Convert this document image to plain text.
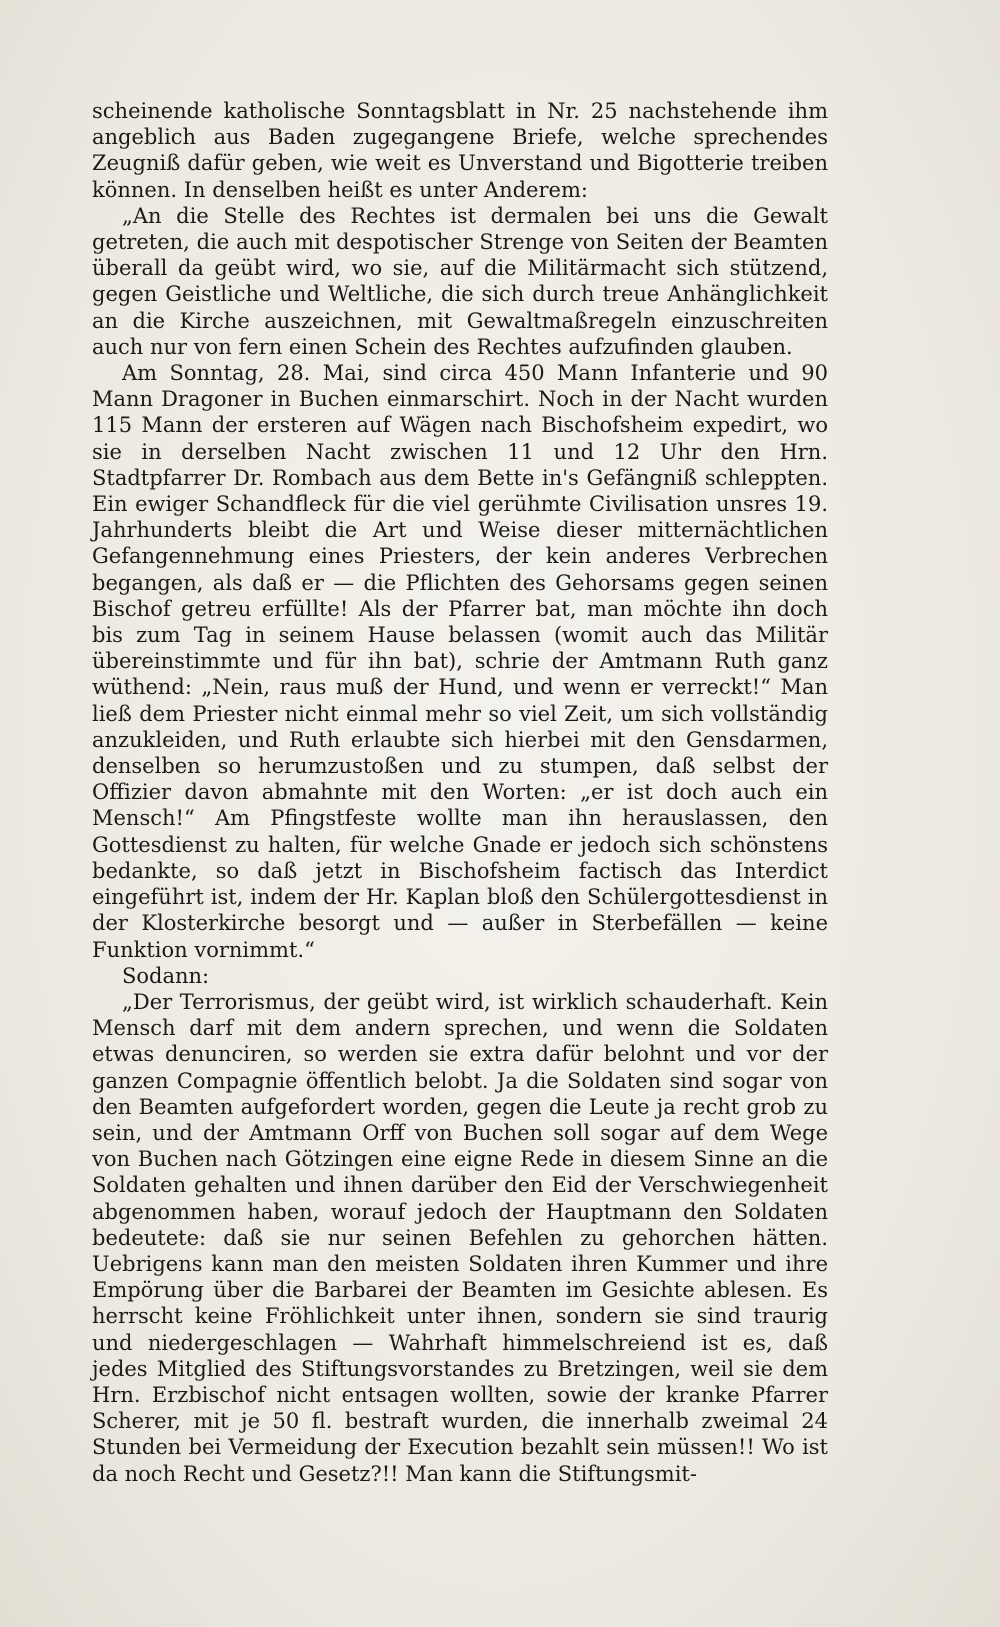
scheinende katholische Sonntagsblatt in Nr. 25 nachstehende ihm angeblich aus Baden zugegangene Briefe, welche sprechendes Zeugniß dafür geben, wie weit es Unverstand und Bigotterie treiben können. In denselben heißt es unter Anderem:

„An die Stelle des Rechtes ist dermalen bei uns die Gewalt getreten, die auch mit despotischer Strenge von Seiten der Beamten überall da geübt wird, wo sie, auf die Militärmacht sich stützend, gegen Geistliche und Weltliche, die sich durch treue Anhänglichkeit an die Kirche auszeichnen, mit Gewaltmaßregeln einzuschreiten auch nur von fern einen Schein des Rechtes aufzufinden glauben.

Am Sonntag, 28. Mai, sind circa 450 Mann Infanterie und 90 Mann Dragoner in Buchen einmarschirt. Noch in der Nacht wurden 115 Mann der ersteren auf Wägen nach Bischofsheim expedirt, wo sie in derselben Nacht zwischen 11 und 12 Uhr den Hrn. Stadtpfarrer Dr. Rombach aus dem Bette in's Gefängniß schleppten. Ein ewiger Schandfleck für die viel gerühmte Civilisation unsres 19. Jahrhunderts bleibt die Art und Weise dieser mitternächtlichen Gefangennehmung eines Priesters, der kein anderes Verbrechen begangen, als daß er — die Pflichten des Gehorsams gegen seinen Bischof getreu erfüllte! Als der Pfarrer bat, man möchte ihn doch bis zum Tag in seinem Hause belassen (womit auch das Militär übereinstimmte und für ihn bat), schrie der Amtmann Ruth ganz wüthend: „Nein, raus muß der Hund, und wenn er verreckt!“ Man ließ dem Priester nicht einmal mehr so viel Zeit, um sich vollständig anzukleiden, und Ruth erlaubte sich hierbei mit den Gensdarmen, denselben so herumzustoßen und zu stumpen, daß selbst der Offizier davon abmahnte mit den Worten: „er ist doch auch ein Mensch!“ Am Pfingstfeste wollte man ihn herauslassen, den Gottesdienst zu halten, für welche Gnade er jedoch sich schönstens bedankte, so daß jetzt in Bischofsheim factisch das Interdict eingeführt ist, indem der Hr. Kaplan bloß den Schülergottesdienst in der Klosterkirche besorgt und — außer in Sterbefällen — keine Funktion vornimmt.“

Sodann:

„Der Terrorismus, der geübt wird, ist wirklich schauderhaft. Kein Mensch darf mit dem andern sprechen, und wenn die Soldaten etwas denunciren, so werden sie extra dafür belohnt und vor der ganzen Compagnie öffentlich belobt. Ja die Soldaten sind sogar von den Beamten aufgefordert worden, gegen die Leute ja recht grob zu sein, und der Amtmann Orff von Buchen soll sogar auf dem Wege von Buchen nach Götzingen eine eigne Rede in diesem Sinne an die Soldaten gehalten und ihnen darüber den Eid der Verschwiegenheit abgenommen haben, worauf jedoch der Hauptmann den Soldaten bedeutete: daß sie nur seinen Befehlen zu gehorchen hätten. Uebrigens kann man den meisten Soldaten ihren Kummer und ihre Empörung über die Barbarei der Beamten im Gesichte ablesen. Es herrscht keine Fröhlichkeit unter ihnen, sondern sie sind traurig und niedergeschlagen — Wahrhaft himmelschreiend ist es, daß jedes Mitglied des Stiftungsvorstandes zu Bretzingen, weil sie dem Hrn. Erzbischof nicht entsagen wollten, sowie der kranke Pfarrer Scherer, mit je 50 fl. bestraft wurden, die innerhalb zweimal 24 Stunden bei Vermeidung der Execution bezahlt sein müssen!! Wo ist da noch Recht und Gesetz?!! Man kann die Stiftungsmit-
